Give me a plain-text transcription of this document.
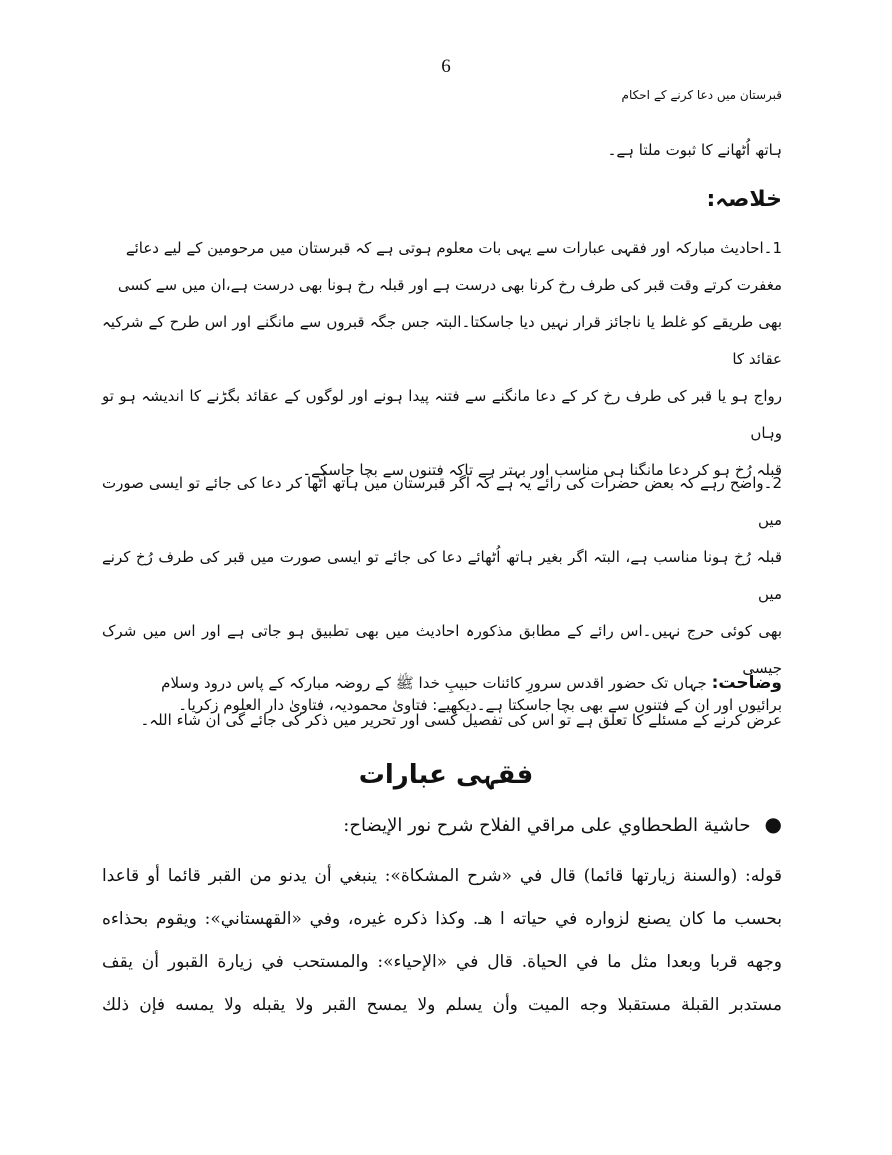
6
قبرستان میں دعا کرنے کے احکام
ہاتھ اُٹھانے کا ثبوت ملتا ہے۔
خلاصہ:
1۔احادیث مبارکہ اور فقہی عبارات سے یہی بات معلوم ہوتی ہے کہ قبرستان میں مرحومین کے لیے دعائے
مغفرت کرتے وقت قبر کی طرف رخ کرنا بھی درست ہے اور قبلہ رخ ہونا بھی درست ہے،ان میں سے کسی
بھی طریقے کو غلط یا ناجائز قرار نہیں دیا جاسکتا۔البتہ جس جگہ قبروں سے مانگنے اور اس طرح کے شرکیہ عقائد کا
رواج ہو یا قبر کی طرف رخ کر کے دعا مانگنے سے فتنہ پیدا ہونے اور لوگوں کے عقائد بگڑنے کا اندیشہ ہو تو وہاں
قبلہ رُخ ہو کر دعا مانگنا ہی مناسب اور بہتر ہے تاکہ فتنوں سے بچا جاسکے۔
2۔واضح رہے کہ بعض حضرات کی رائے یہ ہے کہ اگر قبرستان میں ہاتھ اُٹھا کر دعا کی جائے تو ایسی صورت میں
قبلہ رُخ ہونا مناسب ہے، البتہ اگر بغیر ہاتھ اُٹھائے دعا کی جائے تو ایسی صورت میں قبر کی طرف رُخ کرنے میں
بھی کوئی حرج نہیں۔اس رائے کے مطابق مذکورہ احادیث میں بھی تطبیق ہو جاتی ہے اور اس میں شرک جیسی
برائیوں اور ان کے فتنوں سے بھی بچا جاسکتا ہے۔دیکھیے: فتاویٰ محمودیہ، فتاویٰ دار العلوم زکریا۔
وضاحت: جہاں تک حضور اقدس سرورِ کائنات حبیبِ خدا ﷺ کے روضہ مبارکہ کے پاس درود وسلام
عرض کرنے کے مسئلے کا تعلق ہے تو اس کی تفصیل کسی اور تحریر میں ذکر کی جائے گی ان شاء اللہ۔
فقہی عبارات
●حاشية الطحطاوي على مراقي الفلاح شرح نور الإيضاح:
قوله: (والسنة زيارتها قائما) قال في «شرح المشكاة»: ينبغي أن يدنو من القبر قائما أو قاعدا
بحسب ما كان يصنع لزواره في حياته ا هـ. وكذا ذكره غيره، وفي «القهستاني»: ويقوم بحذاءه
وجهه قربا وبعدا مثل ما في الحياة. قال في «الإحياء»: والمستحب في زيارة القبور أن يقف
مستدبر القبلة مستقبلا وجه الميت وأن يسلم ولا يمسح القبر ولا يقبله ولا يمسه فإن ذلك
